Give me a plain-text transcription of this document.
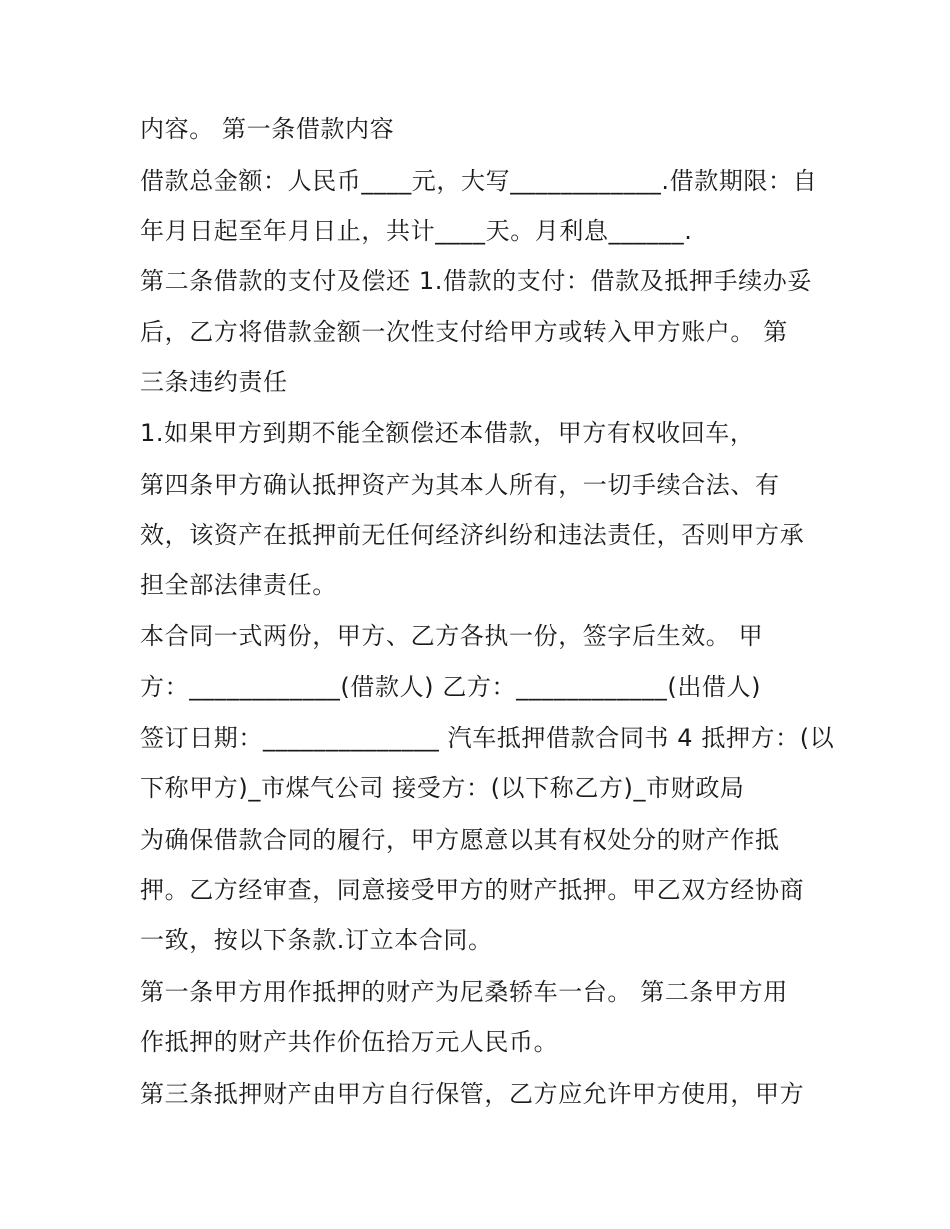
内容。 第一条借款内容
借款总金额：人民币____元，大写____________.借款期限：自
年月日起至年月日止，共计____天。月利息______.
第二条借款的支付及偿还 1.借款的支付：借款及抵押手续办妥
后，乙方将借款金额一次性支付给甲方或转入甲方账户。 第
三条违约责任
1.如果甲方到期不能全额偿还本借款，甲方有权收回车，
第四条甲方确认抵押资产为其本人所有，一切手续合法、有
效，该资产在抵押前无任何经济纠纷和违法责任，否则甲方承
担全部法律责任。
本合同一式两份，甲方、乙方各执一份，签字后生效。 甲
方：____________(借款人) 乙方：____________(出借人)
签订日期：______________ 汽车抵押借款合同书 4 抵押方：(以
下称甲方)_市煤气公司 接受方：(以下称乙方)_市财政局
为确保借款合同的履行，甲方愿意以其有权处分的财产作抵
押。乙方经审查，同意接受甲方的财产抵押。甲乙双方经协商
一致，按以下条款.订立本合同。
第一条甲方用作抵押的财产为尼桑轿车一台。 第二条甲方用
作抵押的财产共作价伍拾万元人民币。
第三条抵押财产由甲方自行保管，乙方应允许甲方使用，甲方
